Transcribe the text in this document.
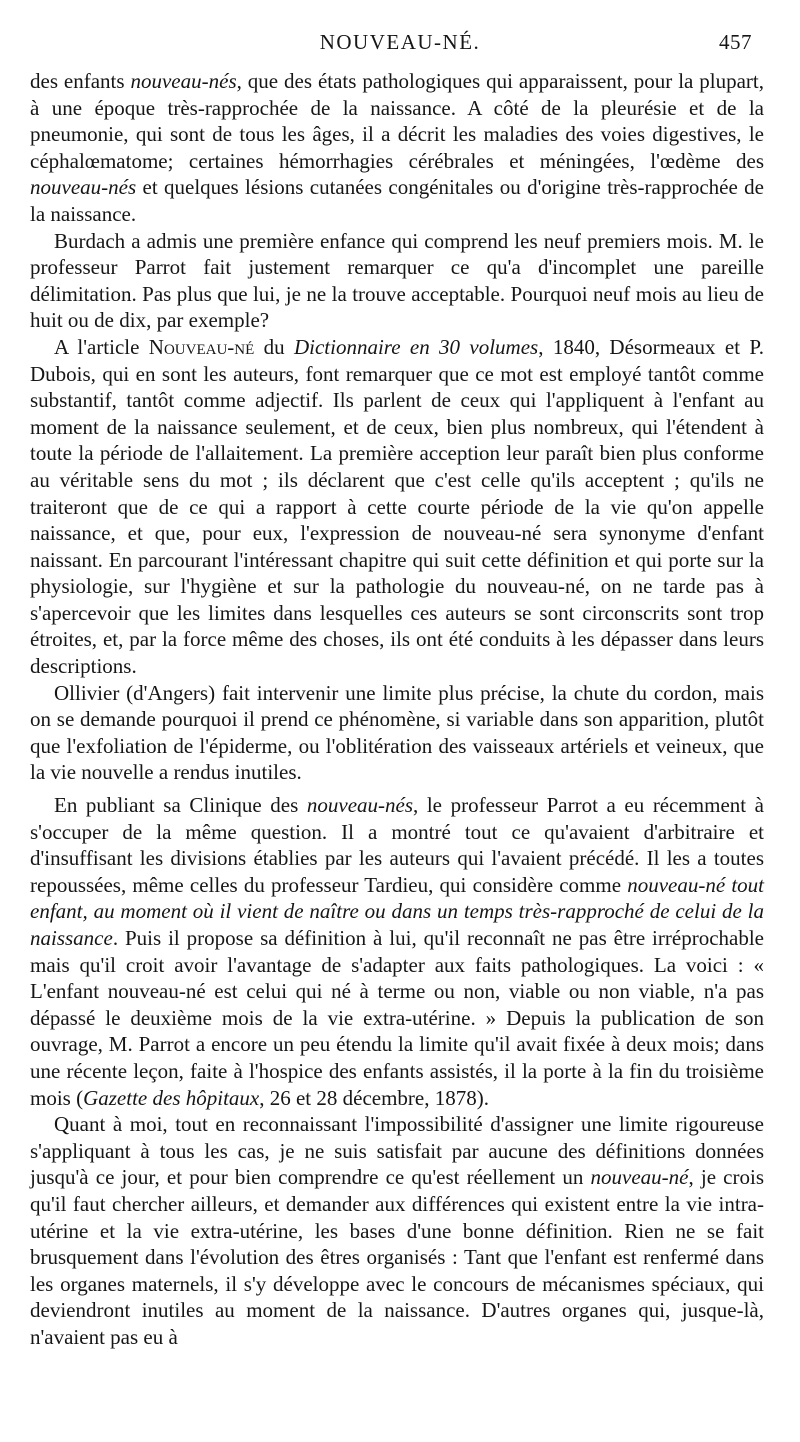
NOUVEAU-NÉ.	457

des enfants nouveau-nés, que des états pathologiques qui apparaissent, pour la plupart, à une époque très-rapprochée de la naissance. A côté de la pleurésie et de la pneumonie, qui sont de tous les âges, il a décrit les maladies des voies digestives, le céphalœmatome; certaines hémorrhagies cérébrales et méningées, l'œdème des nouveau-nés et quelques lésions cutanées congénitales ou d'origine très-rapprochée de la naissance.

Burdach a admis une première enfance qui comprend les neuf premiers mois. M. le professeur Parrot fait justement remarquer ce qu'a d'incomplet une pareille délimitation. Pas plus que lui, je ne la trouve acceptable. Pourquoi neuf mois au lieu de huit ou de dix, par exemple?

A l'article Nouveau-né du Dictionnaire en 30 volumes, 1840, Désormeaux et P. Dubois, qui en sont les auteurs, font remarquer que ce mot est employé tantôt comme substantif, tantôt comme adjectif. Ils parlent de ceux qui l'appliquent à l'enfant au moment de la naissance seulement, et de ceux, bien plus nombreux, qui l'étendent à toute la période de l'allaitement. La première acception leur paraît bien plus conforme au véritable sens du mot ; ils déclarent que c'est celle qu'ils acceptent ; qu'ils ne traiteront que de ce qui a rapport à cette courte période de la vie qu'on appelle naissance, et que, pour eux, l'expression de nouveau-né sera synonyme d'enfant naissant. En parcourant l'intéressant chapitre qui suit cette définition et qui porte sur la physiologie, sur l'hygiène et sur la pathologie du nouveau-né, on ne tarde pas à s'apercevoir que les limites dans lesquelles ces auteurs se sont circonscrits sont trop étroites, et, par la force même des choses, ils ont été conduits à les dépasser dans leurs descriptions.

Ollivier (d'Angers) fait intervenir une limite plus précise, la chute du cordon, mais on se demande pourquoi il prend ce phénomène, si variable dans son apparition, plutôt que l'exfoliation de l'épiderme, ou l'oblitération des vaisseaux artériels et veineux, que la vie nouvelle a rendus inutiles.

En publiant sa Clinique des nouveau-nés, le professeur Parrot a eu récemment à s'occuper de la même question. Il a montré tout ce qu'avaient d'arbitraire et d'insuffisant les divisions établies par les auteurs qui l'avaient précédé. Il les a toutes repoussées, même celles du professeur Tardieu, qui considère comme nouveau-né tout enfant, au moment où il vient de naître ou dans un temps très-rapproché de celui de la naissance. Puis il propose sa définition à lui, qu'il reconnaît ne pas être irréprochable mais qu'il croit avoir l'avantage de s'adapter aux faits pathologiques. La voici : « L'enfant nouveau-né est celui qui né à terme ou non, viable ou non viable, n'a pas dépassé le deuxième mois de la vie extra-utérine. » Depuis la publication de son ouvrage, M. Parrot a encore un peu étendu la limite qu'il avait fixée à deux mois; dans une récente leçon, faite à l'hospice des enfants assistés, il la porte à la fin du troisième mois (Gazette des hôpitaux, 26 et 28 décembre, 1878).

Quant à moi, tout en reconnaissant l'impossibilité d'assigner une limite rigoureuse s'appliquant à tous les cas, je ne suis satisfait par aucune des définitions données jusqu'à ce jour, et pour bien comprendre ce qu'est réellement un nouveau-né, je crois qu'il faut chercher ailleurs, et demander aux différences qui existent entre la vie intra-utérine et la vie extra-utérine, les bases d'une bonne définition. Rien ne se fait brusquement dans l'évolution des êtres organisés : Tant que l'enfant est renfermé dans les organes maternels, il s'y développe avec le concours de mécanismes spéciaux, qui deviendront inutiles au moment de la naissance. D'autres organes qui, jusque-là, n'avaient pas eu à
